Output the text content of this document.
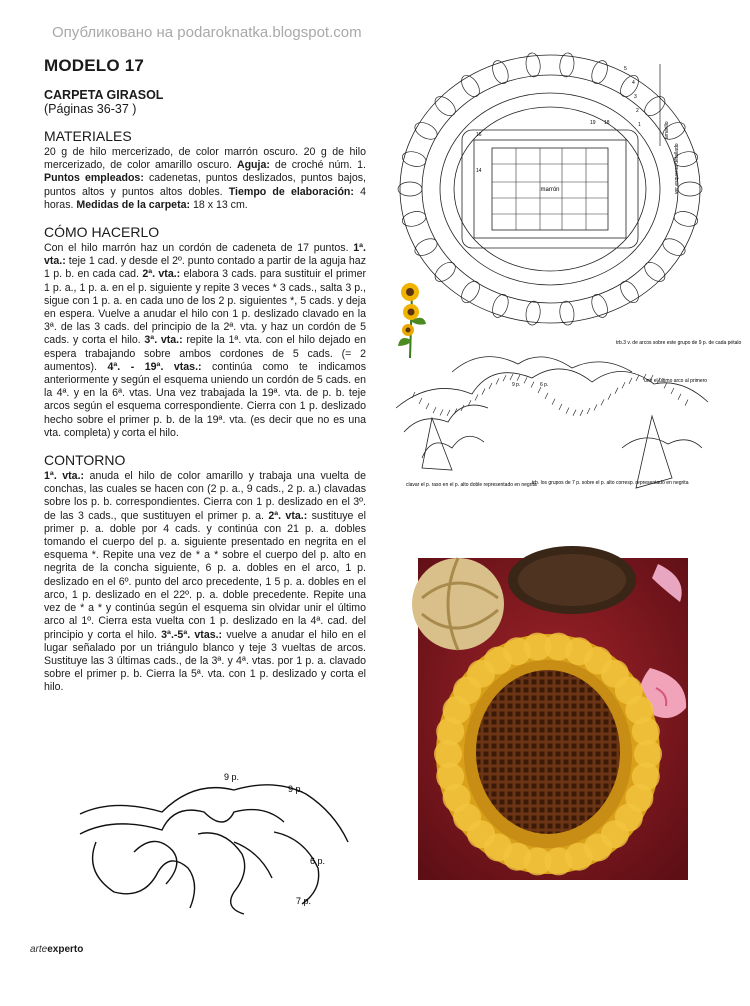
Опубликовано на podaroknatka.blogspot.com
MODELO 17

CARPETA GIRASOL

(Páginas 36-37 )

MATERIALES

20 g de hilo mercerizado, de color marrón oscuro. 20 g de hilo mercerizado, de color amarillo oscuro. Aguja: de croché núm. 1. Puntos empleados: cadenetas, puntos deslizados, puntos bajos, puntos altos y puntos altos dobles. Tiempo de elaboración: 4 horas. Medidas de la carpeta: 18 x 13 cm.

CÓMO HACERLO

Con el hilo marrón haz un cordón de cadeneta de 17 puntos. 1ª. vta.: teje 1 cad. y desde el 2º. punto contado a partir de la aguja haz 1 p. b. en cada cad. 2ª. vta.: elabora 3 cads. para sustituir el primer 1 p. a., 1 p. a. en el p. siguiente y repite 3 veces * 3 cads., salta 3 p., sigue con 1 p. a. en cada uno de los 2 p. siguientes *, 5 cads. y deja en espera. Vuelve a anudar el hilo con 1 p. deslizado clavado en la 3ª. de las 3 cads. del principio de la 2ª. vta. y haz un cordón de 5 cads. y corta el hilo. 3ª. vta.: repite la 1ª. vta. con el hilo dejado en espera trabajando sobre ambos cordones de 5 cads. (= 2 aumentos). 4ª. - 19ª. vtas.: continúa como te indicamos anteriormente y según el esquema uniendo un cordón de 5 cads. en la 4ª. y en la 6ª. vtas. Una vez trabajada la 19ª. vta. de p. b. teje arcos según el esquema correspondiente. Cierra con 1 p. deslizado hecho sobre el primer p. b. de la 19ª. vta. (es decir que no es una vta. completa) y corta el hilo.

CONTORNO

1ª. vta.: anuda el hilo de color amarillo y trabaja una vuelta de conchas, las cuales se hacen con (2 p. a., 9 cads., 2 p. a.) clavadas sobre los p. b. correspondientes. Cierra con 1 p. deslizado en el 3º. de las 3 cads., que sustituyen el primer p. a. 2ª. vta.: sustituye el primer p. a. doble por 4 cads. y continúa con 21 p. a. dobles tomando el cuerpo del p. a. siguiente presentado en negrita en el esquema *. Repite una vez de * a * sobre el cuerpo del p. alto en negrita de la concha siguiente, 6 p. a. dobles en el arco, 1 p. deslizado en el 6º. punto del arco precedente, 1 5 p. a. dobles en el arco, 1 p. deslizado en el 22º. p. a. doble precedente. Repite una vez de * a * y continúa según el esquema sin olvidar unir el último arco al 1º. Cierra esta vuelta con 1 p. deslizado en la 4ª. cad. del principio y corta el hilo. 3ª.-5ª. vtas.: vuelve a anudar el hilo en el lugar señalado por un triángulo blanco y teje 3 vueltas de arcos. Sustituye las 3 últimas cads., de la 3ª. y 4ª. vtas. por 1 p. a. clavado sobre el primer p. b. Cierra la 5ª. vta. con 1 p. deslizado y corta el hilo.

marrón
14
16
18
19
5
4
3
2
1	amarillo
ver esquema detallado
trb.3 v. de arcos sobre este grupo de 9 p. de cada pétalo
unir el último arco al primero
clavar el p. raso en el p. alto doble representado en negrita
trb. los grupos de 7 p. sobre el p. alto corresp. representado en negrita
9 p.	6 p.
9 p.
9 p.
6 p.
7 p.
arteexperto
